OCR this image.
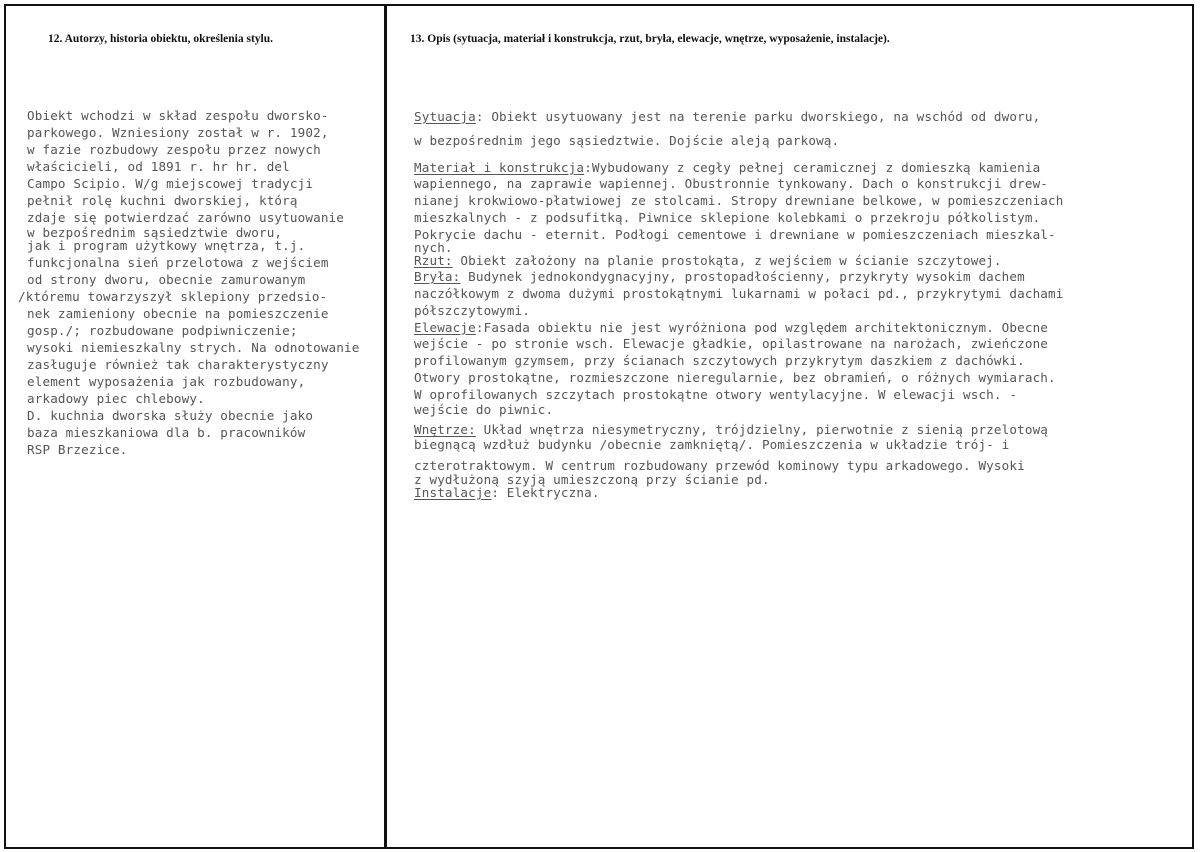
12. Autorzy, historia obiektu, określenia stylu.	13. Opis (sytuacja, materiał i konstrukcja, rzut, bryła, elewacje, wnętrze, wyposażenie, instalacje).
Obiekt wchodzi w skład zespołu dworsko-
parkowego. Wzniesiony został w r. 1902,
w fazie rozbudowy zespołu przez nowych
właścicieli, od 1891 r. hr hr. del
Campo Scipio. W/g miejscowej tradycji
pełnił rolę kuchni dworskiej, którą
zdaje się potwierdzać zarówno usytuowanie
w bezpośrednim sąsiedztwie dworu,
jak i program użytkowy wnętrza, t.j.
funkcjonalna sień przelotowa z wejściem
od strony dworu, obecnie zamurowanym
/któremu towarzyszył sklepiony przedsio-
nek zamieniony obecnie na pomieszczenie
gosp./; rozbudowane podpiwniczenie;
wysoki niemieszkalny strych. Na odnotowanie
zasługuje również tak charakterystyczny
element wyposażenia jak rozbudowany,
arkadowy piec chlebowy.
D. kuchnia dworska służy obecnie jako
baza mieszkaniowa dla b. pracowników
RSP Brzezice.
Sytuacja: Obiekt usytuowany jest na terenie parku dworskiego, na wschód od dworu,
w bezpośrednim jego sąsiedztwie. Dojście aleją parkową.
Materiał i konstrukcja:Wybudowany z cegły pełnej ceramicznej z domieszką kamienia
wapiennego, na zaprawie wapiennej. Obustronnie tynkowany. Dach o konstrukcji drew-
nianej krokwiowo-płatwiowej ze stolcami. Stropy drewniane belkowe, w pomieszczeniach
mieszkalnych - z podsufitką. Piwnice sklepione kolebkami o przekroju półkolistym.
Pokrycie dachu - eternit. Podłogi cementowe i drewniane w pomieszczeniach mieszkal-
nych.
Rzut: Obiekt założony na planie prostokąta, z wejściem w ścianie szczytowej.
Bryła: Budynek jednokondygnacyjny, prostopadłościenny, przykryty wysokim dachem
naczółkowym z dwoma dużymi prostokątnymi lukarnami w połaci pd., przykrytymi dachami
półszczytowymi.
Elewacje:Fasada obiektu nie jest wyróżniona pod względem architektonicznym. Obecne
wejście - po stronie wsch. Elewacje gładkie, opilastrowane na narożach, zwieńczone
profilowanym gzymsem, przy ścianach szczytowych przykrytym daszkiem z dachówki.
Otwory prostokątne, rozmieszczone nieregularnie, bez obramień, o różnych wymiarach.
W oprofilowanych szczytach prostokątne otwory wentylacyjne. W elewacji wsch. -
wejście do piwnic.
Wnętrze: Układ wnętrza niesymetryczny, trójdzielny, pierwotnie z sienią przelotową
biegnącą wzdłuż budynku /obecnie zamkniętą/. Pomieszczenia w układzie trój- i
czterotraktowym. W centrum rozbudowany przewód kominowy typu arkadowego. Wysoki
z wydłużoną szyją umieszczoną przy ścianie pd.
Instalacje: Elektryczna.
